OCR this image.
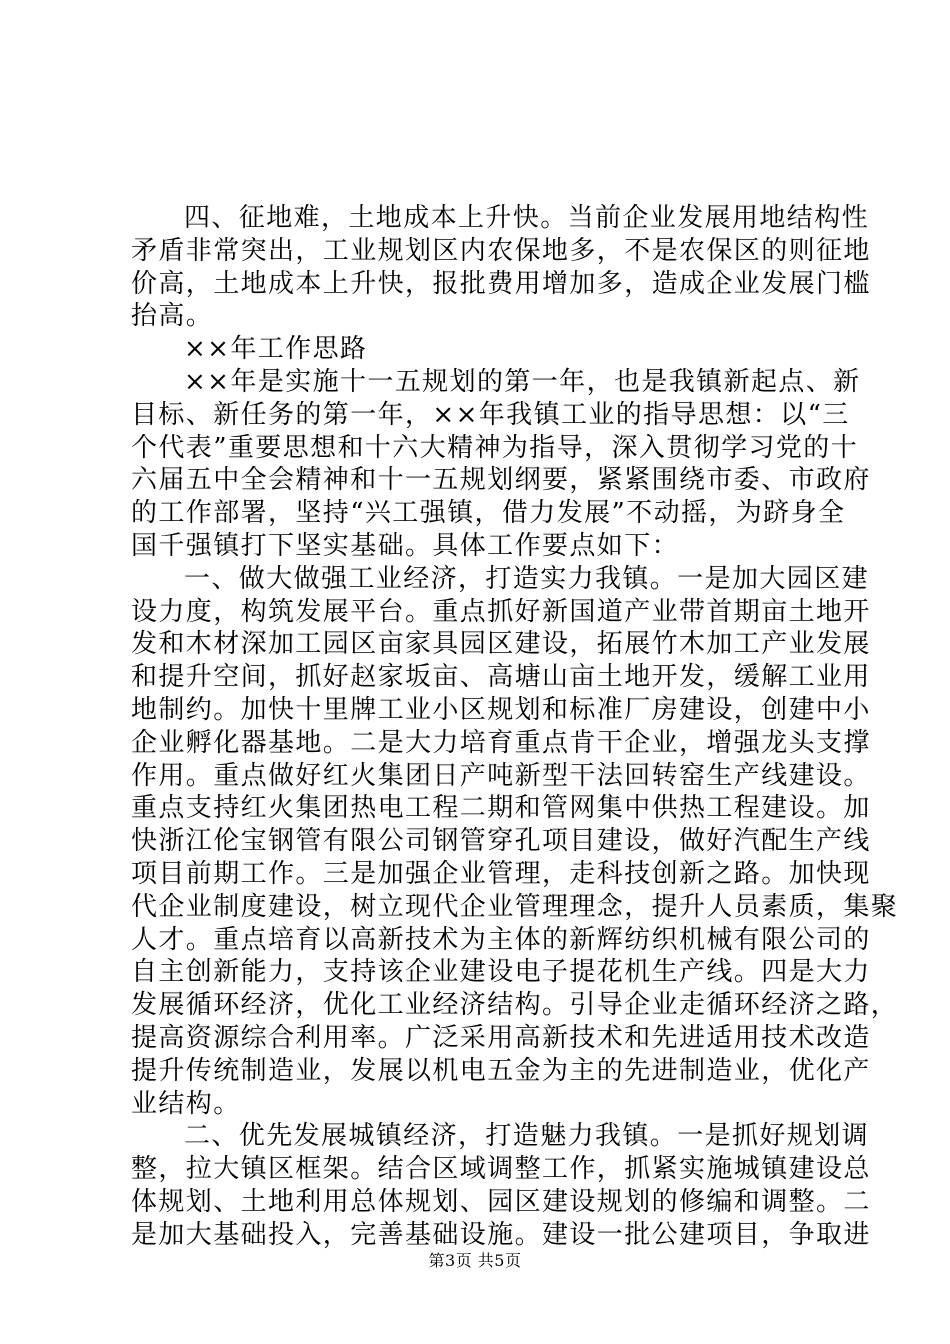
四、征地难，土地成本上升快。当前企业发展用地结构性
矛盾非常突出，工业规划区内农保地多，不是农保区的则征地
价高，土地成本上升快，报批费用增加多，造成企业发展门槛
抬高。
××年工作思路
××年是实施十一五规划的第一年，也是我镇新起点、新
目标、新任务的第一年，××年我镇工业的指导思想：以“三
个代表”重要思想和十六大精神为指导，深入贯彻学习党的十
六届五中全会精神和十一五规划纲要，紧紧围绕市委、市政府
的工作部署，坚持“兴工强镇，借力发展”不动摇，为跻身全
国千强镇打下坚实基础。具体工作要点如下：
一、做大做强工业经济，打造实力我镇。一是加大园区建
设力度，构筑发展平台。重点抓好新国道产业带首期亩土地开
发和木材深加工园区亩家具园区建设，拓展竹木加工产业发展
和提升空间，抓好赵家坂亩、高塘山亩土地开发，缓解工业用
地制约。加快十里牌工业小区规划和标准厂房建设，创建中小
企业孵化器基地。二是大力培育重点肯干企业，增强龙头支撑
作用。重点做好红火集团日产吨新型干法回转窑生产线建设。
重点支持红火集团热电工程二期和管网集中供热工程建设。加
快浙江伦宝钢管有限公司钢管穿孔项目建设，做好汽配生产线
项目前期工作。三是加强企业管理，走科技创新之路。加快现
代企业制度建设，树立现代企业管理理念，提升人员素质，集聚
人才。重点培育以高新技术为主体的新辉纺织机械有限公司的
自主创新能力，支持该企业建设电子提花机生产线。四是大力
发展循环经济，优化工业经济结构。引导企业走循环经济之路，
提高资源综合利用率。广泛采用高新技术和先进适用技术改造
提升传统制造业，发展以机电五金为主的先进制造业，优化产
业结构。
二、优先发展城镇经济，打造魅力我镇。一是抓好规划调
整，拉大镇区框架。结合区域调整工作，抓紧实施城镇建设总
体规划、土地利用总体规划、园区建设规划的修编和调整。二
是加大基础投入，完善基础设施。建设一批公建项目，争取进
第3页 共5页
